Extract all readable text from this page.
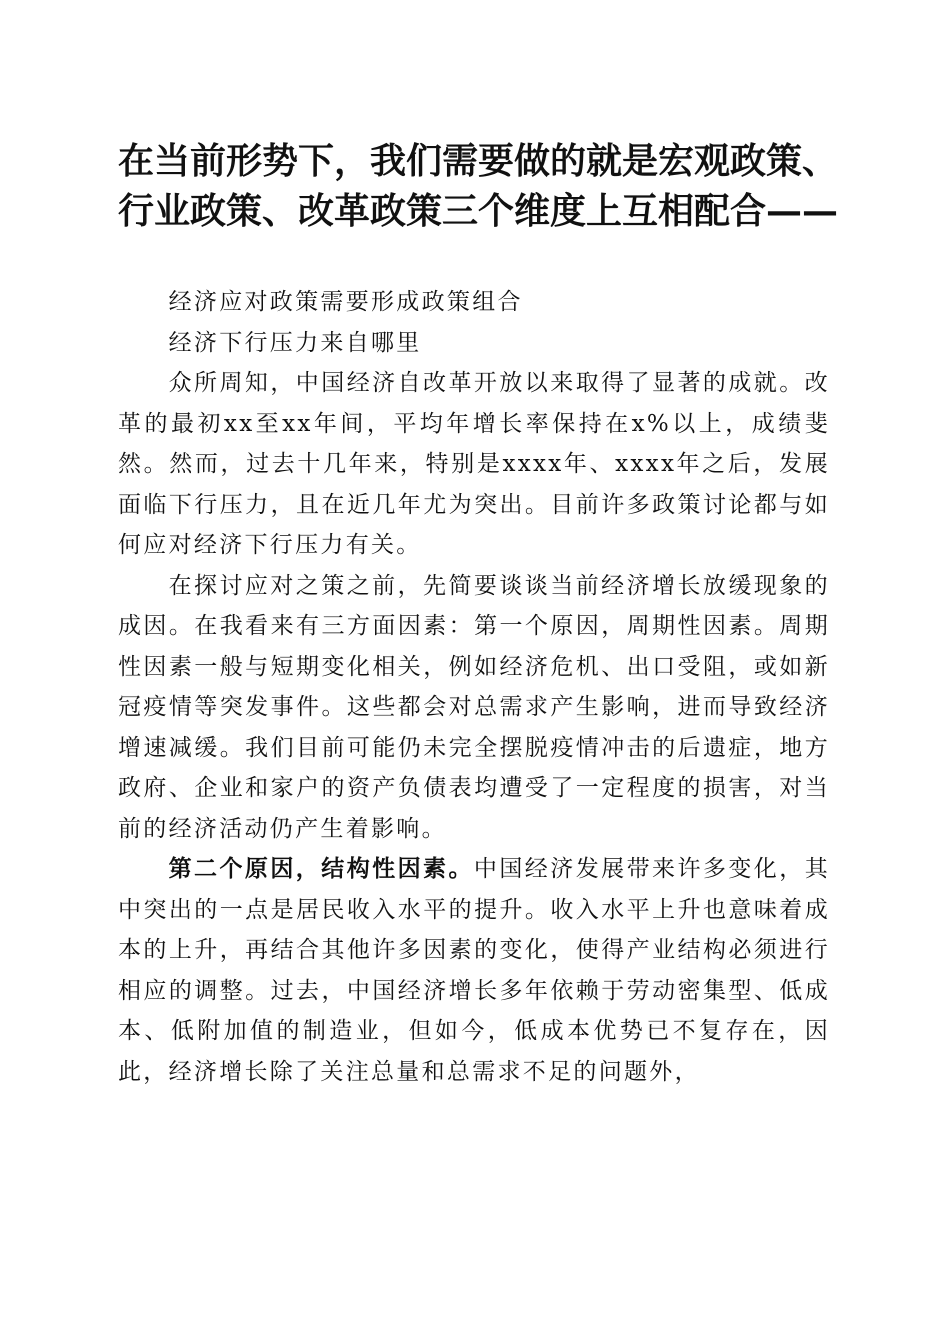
在当前形势下，我们需要做的就是宏观政策、
行业政策、改革政策三个维度上互相配合——

经济应对政策需要形成政策组合

经济下行压力来自哪里

众所周知，中国经济自改革开放以来取得了显著的成就。改革的最初xx至xx年间，平均年增长率保持在x%以上，成绩斐然。然而，过去十几年来，特别是xxxx年、xxxx年之后，发展面临下行压力，且在近几年尤为突出。目前许多政策讨论都与如何应对经济下行压力有关。

在探讨应对之策之前，先简要谈谈当前经济增长放缓现象的成因。在我看来有三方面因素：第一个原因，周期性因素。周期性因素一般与短期变化相关，例如经济危机、出口受阻，或如新冠疫情等突发事件。这些都会对总需求产生影响，进而导致经济增速减缓。我们目前可能仍未完全摆脱疫情冲击的后遗症，地方政府、企业和家户的资产负债表均遭受了一定程度的损害，对当前的经济活动仍产生着影响。

第二个原因，结构性因素。中国经济发展带来许多变化，其中突出的一点是居民收入水平的提升。收入水平上升也意味着成本的上升，再结合其他许多因素的变化，使得产业结构必须进行相应的调整。过去，中国经济增长多年依赖于劳动密集型、低成本、低附加值的制造业，但如今，低成本优势已不复存在，因此，经济增长除了关注总量和总需求不足的问题外，
